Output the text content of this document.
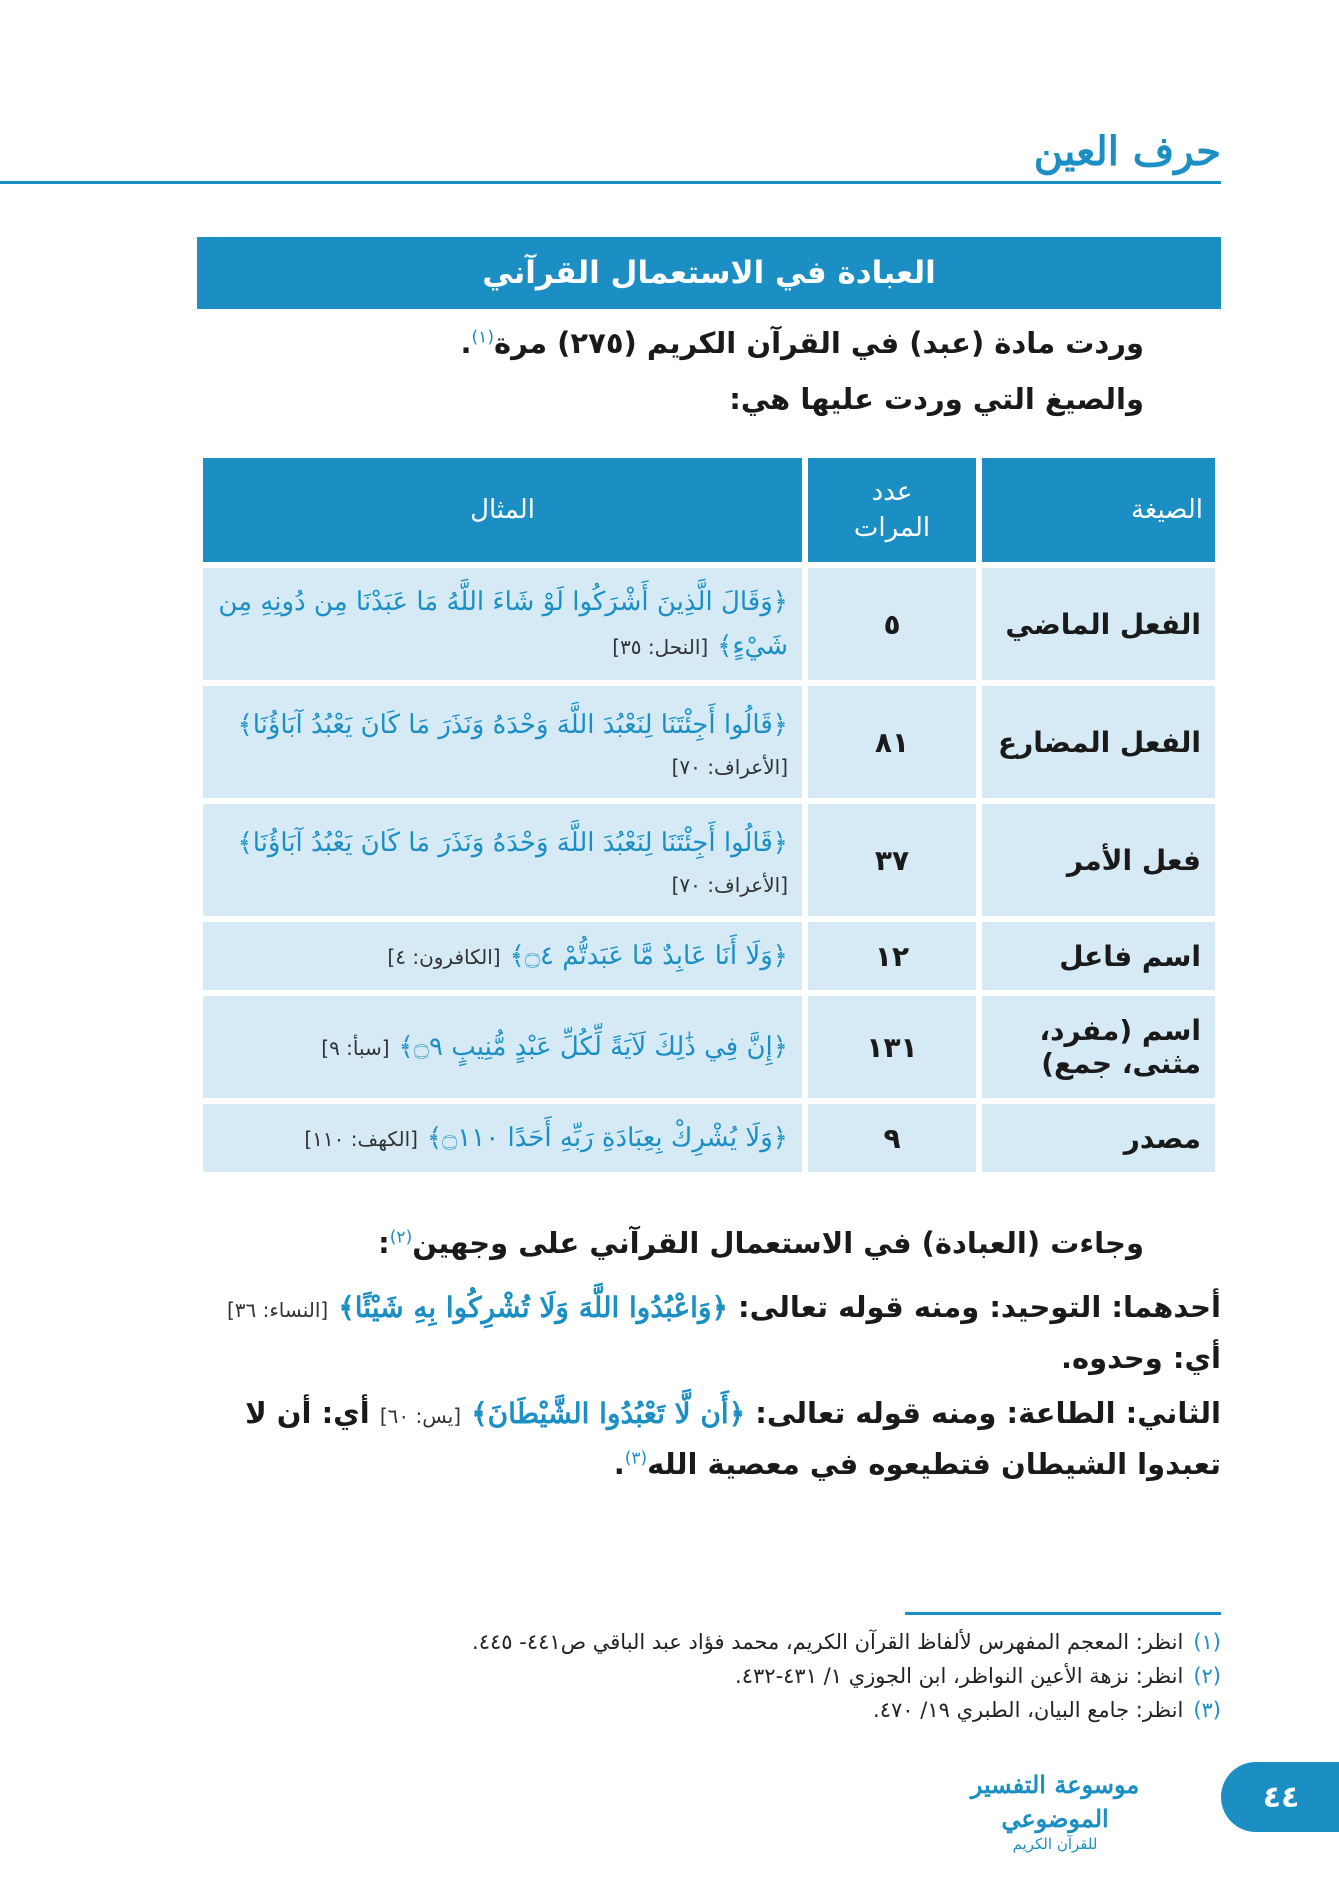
حرف العين
العبادة في الاستعمال القرآني
وردت مادة (عبد) في القرآن الكريم (٢٧٥) مرة$^{(١)}$.
والصيغ التي وردت عليها هي:
الصيغة	عدد المرات	المثال
الفعل الماضي	٥	﴿وَقَالَ الَّذِينَ أَشْرَكُوا لَوْ شَاءَ اللَّهُ مَا عَبَدْنَا مِن دُونِهِ مِن شَيْءٍ﴾ [النحل: ٣٥]
الفعل المضارع	٨١	﴿قَالُوا أَجِئْتَنَا لِنَعْبُدَ اللَّهَ وَحْدَهُ وَنَذَرَ مَا كَانَ يَعْبُدُ آبَاؤُنَا﴾ [الأعراف: ٧٠]
فعل الأمر	٣٧	﴿قَالُوا أَجِئْتَنَا لِنَعْبُدَ اللَّهَ وَحْدَهُ وَنَذَرَ مَا كَانَ يَعْبُدُ آبَاؤُنَا﴾ [الأعراف: ٧٠]
اسم فاعل	١٢	﴿وَلَا أَنَا عَابِدٌ مَّا عَبَدتُّمْ ۝٤﴾ [الكافرون: ٤]
اسم (مفرد، مثنى، جمع)	١٣١	﴿إِنَّ فِي ذَٰلِكَ لَآيَةً لِّكُلِّ عَبْدٍ مُّنِيبٍ ۝٩﴾ [سبأ: ٩]
مصدر	٩	﴿وَلَا يُشْرِكْ بِعِبَادَةِ رَبِّهِ أَحَدًا ۝١١٠﴾ [الكهف: ١١٠]
وجاءت (العبادة) في الاستعمال القرآني على وجهين$^{(٢)}$:
أحدهما: التوحيد: ومنه قوله تعالى: ﴿وَاعْبُدُوا اللَّهَ وَلَا تُشْرِكُوا بِهِ شَيْئًا﴾ [النساء: ٣٦] أي: وحدوه.
الثاني: الطاعة: ومنه قوله تعالى: ﴿أَن لَّا تَعْبُدُوا الشَّيْطَانَ﴾ [يس: ٦٠] أي: أن لا تعبدوا الشيطان فتطيعوه في معصية الله$^{(٣)}$.
(١)انظر: المعجم المفهرس لألفاظ القرآن الكريم، محمد فؤاد عبد الباقي ص٤٤١- ٤٤٥.
(٢)انظر: نزهة الأعين النواظر، ابن الجوزي ١/ ٤٣١-٤٣٢.
(٣)انظر: جامع البيان، الطبري ١٩/ ٤٧٠.
موسوعة التفسير الموضوعي
للقرآن الكريم
٤٤
